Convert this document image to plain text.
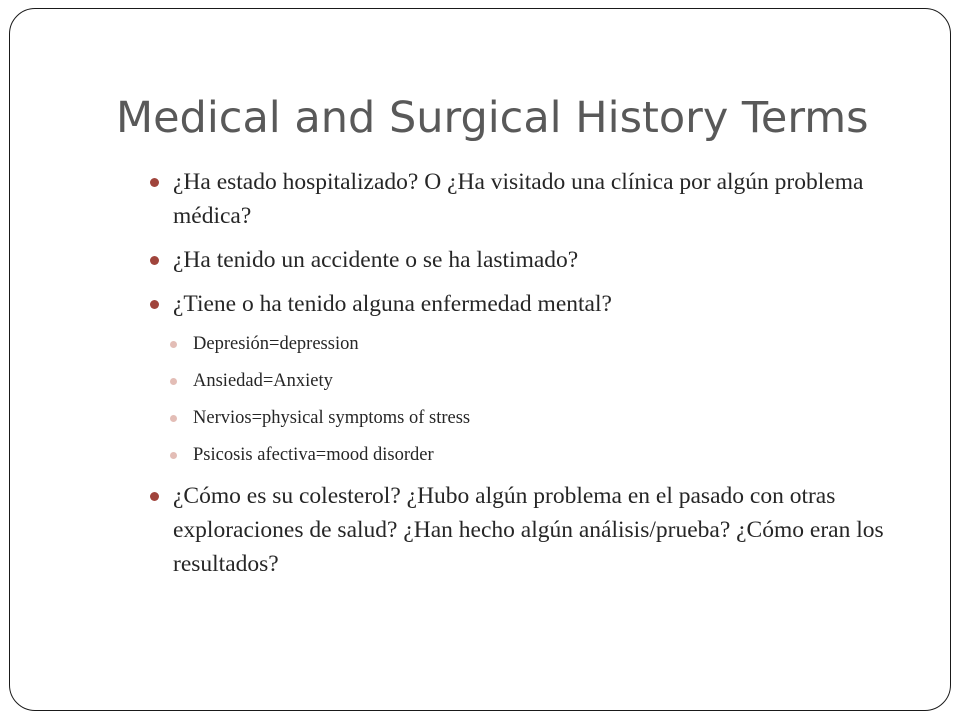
Medical and Surgical History Terms
¿Ha estado hospitalizado? O ¿Ha visitado una clínica por algún problema médica?
¿Ha tenido un accidente o se ha lastimado?
¿Tiene o ha tenido alguna enfermedad mental?
Depresión=depression
Ansiedad=Anxiety
Nervios=physical symptoms of stress
Psicosis afectiva=mood disorder
¿Cómo es su colesterol? ¿Hubo algún problema en el pasado con otras exploraciones de salud? ¿Han hecho algún análisis/prueba? ¿Cómo eran los resultados?
